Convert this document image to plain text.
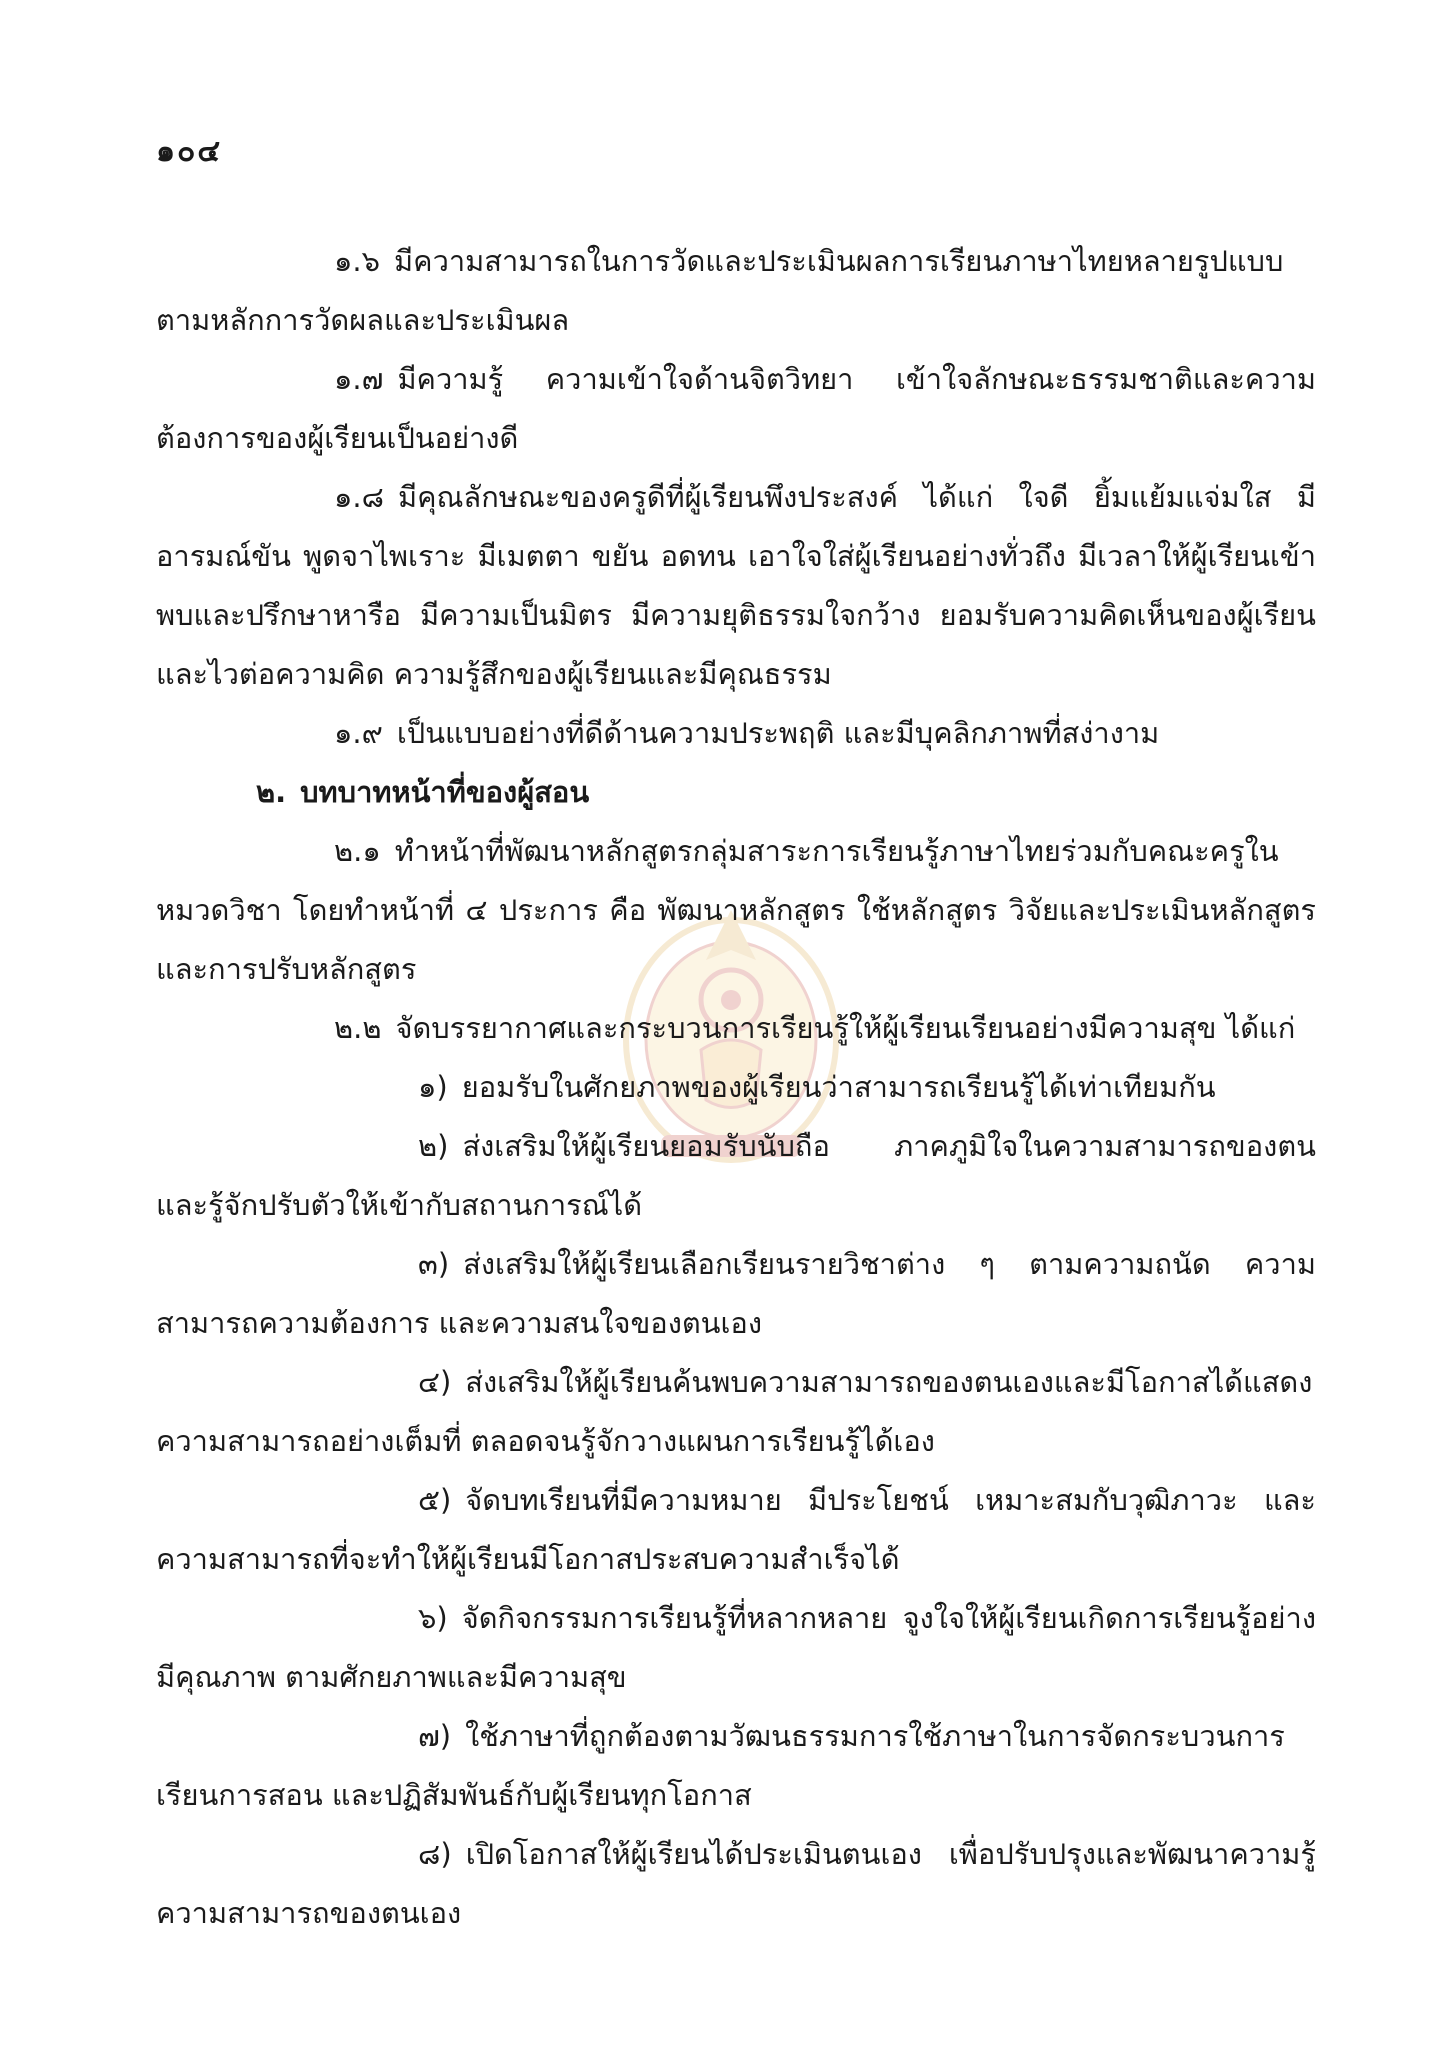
๑๐๔

๑.๖ มีความสามารถในการวัดและประเมินผลการเรียนภาษาไทยหลายรูปแบบตามหลักการวัดผลและประเมินผล

๑.๗ มีความรู้ ความเข้าใจด้านจิตวิทยา เข้าใจลักษณะธรรมชาติและความต้องการของผู้เรียนเป็นอย่างดี

๑.๘ มีคุณลักษณะของครูดีที่ผู้เรียนพึงประสงค์ ได้แก่ ใจดี ยิ้มแย้มแจ่มใส มีอารมณ์ขัน พูดจาไพเราะ มีเมตตา ขยัน อดทน เอาใจใส่ผู้เรียนอย่างทั่วถึง มีเวลาให้ผู้เรียนเข้าพบและปรึกษาหารือ มีความเป็นมิตร มีความยุติธรรมใจกว้าง ยอมรับความคิดเห็นของผู้เรียนและไวต่อความคิด ความรู้สึกของผู้เรียนและมีคุณธรรม

๑.๙ เป็นแบบอย่างที่ดีด้านความประพฤติ และมีบุคลิกภาพที่สง่างาม

๒. บทบาทหน้าที่ของผู้สอน

๒.๑ ทำหน้าที่พัฒนาหลักสูตรกลุ่มสาระการเรียนรู้ภาษาไทยร่วมกับคณะครูในหมวดวิชา โดยทำหน้าที่ ๔ ประการ คือ พัฒนาหลักสูตร ใช้หลักสูตร วิจัยและประเมินหลักสูตรและการปรับหลักสูตร

๒.๒ จัดบรรยากาศและกระบวนการเรียนรู้ให้ผู้เรียนเรียนอย่างมีความสุข ได้แก่

๑) ยอมรับในศักยภาพของผู้เรียนว่าสามารถเรียนรู้ได้เท่าเทียมกัน

๒) ส่งเสริมให้ผู้เรียนยอมรับนับถือ ภาคภูมิใจในความสามารถของตน และรู้จักปรับตัวให้เข้ากับสถานการณ์ได้

๓) ส่งเสริมให้ผู้เรียนเลือกเรียนรายวิชาต่าง ๆ ตามความถนัด ความสามารถความต้องการ และความสนใจของตนเอง

๔) ส่งเสริมให้ผู้เรียนค้นพบความสามารถของตนเองและมีโอกาสได้แสดงความสามารถอย่างเต็มที่ ตลอดจนรู้จักวางแผนการเรียนรู้ได้เอง

๕) จัดบทเรียนที่มีความหมาย มีประโยชน์ เหมาะสมกับวุฒิภาวะ และความสามารถที่จะทำให้ผู้เรียนมีโอกาสประสบความสำเร็จได้

๖) จัดกิจกรรมการเรียนรู้ที่หลากหลาย จูงใจให้ผู้เรียนเกิดการเรียนรู้อย่างมีคุณภาพ ตามศักยภาพและมีความสุข

๗) ใช้ภาษาที่ถูกต้องตามวัฒนธรรมการใช้ภาษาในการจัดกระบวนการเรียนการสอน และปฏิสัมพันธ์กับผู้เรียนทุกโอกาส

๘) เปิดโอกาสให้ผู้เรียนได้ประเมินตนเอง เพื่อปรับปรุงและพัฒนาความรู้ความสามารถของตนเอง
